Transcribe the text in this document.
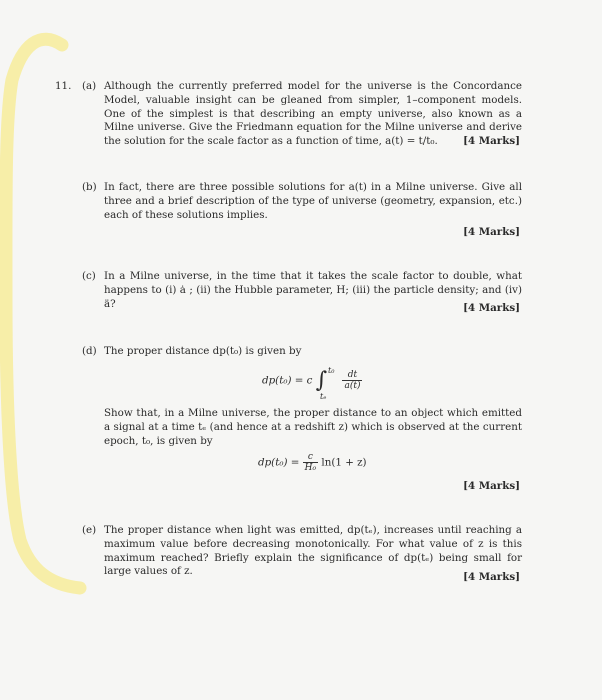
11. (a) Although the currently preferred model for the universe is the Concordance Model, valuable insight can be gleaned from simpler, 1–component models. One of the simplest is that describing an empty universe, also known as a Milne universe. Give the Friedmann equation for the Milne universe and derive the solution for the scale factor as a function of time, a(t) = t/t₀.	[4 Marks]
(b) In fact, there are three possible solutions for a(t) in a Milne universe. Give all three and a brief description of the type of universe (geometry, expansion, etc.) each of these solutions implies.
[4 Marks]
(c) In a Milne universe, in the time that it takes the scale factor to double, what happens to (i) ȧ ; (ii) the Hubble parameter, H; (iii) the particle density; and (iv) ä?	[4 Marks]
(d) The proper distance dp(t₀) is given by
dp(t₀) = c ∫ t₀
tₑ
$\frac{dt}{a(t)}$
Show that, in a Milne universe, the proper distance to an object which emitted a signal at a time tₑ (and hence at a redshift z) which is observed at the current epoch, t₀, is given by
$dp(t_0) = \frac{c}{\text{H₀}} \ln(1 + z)$
[4 Marks]
(e) The proper distance when light was emitted, dp(tₑ), increases until reaching a maximum value before decreasing monotonically. For what value of z is this maximum reached? Briefly explain the significance of dp(tₑ) being small for large values of z.	[4 Marks]
